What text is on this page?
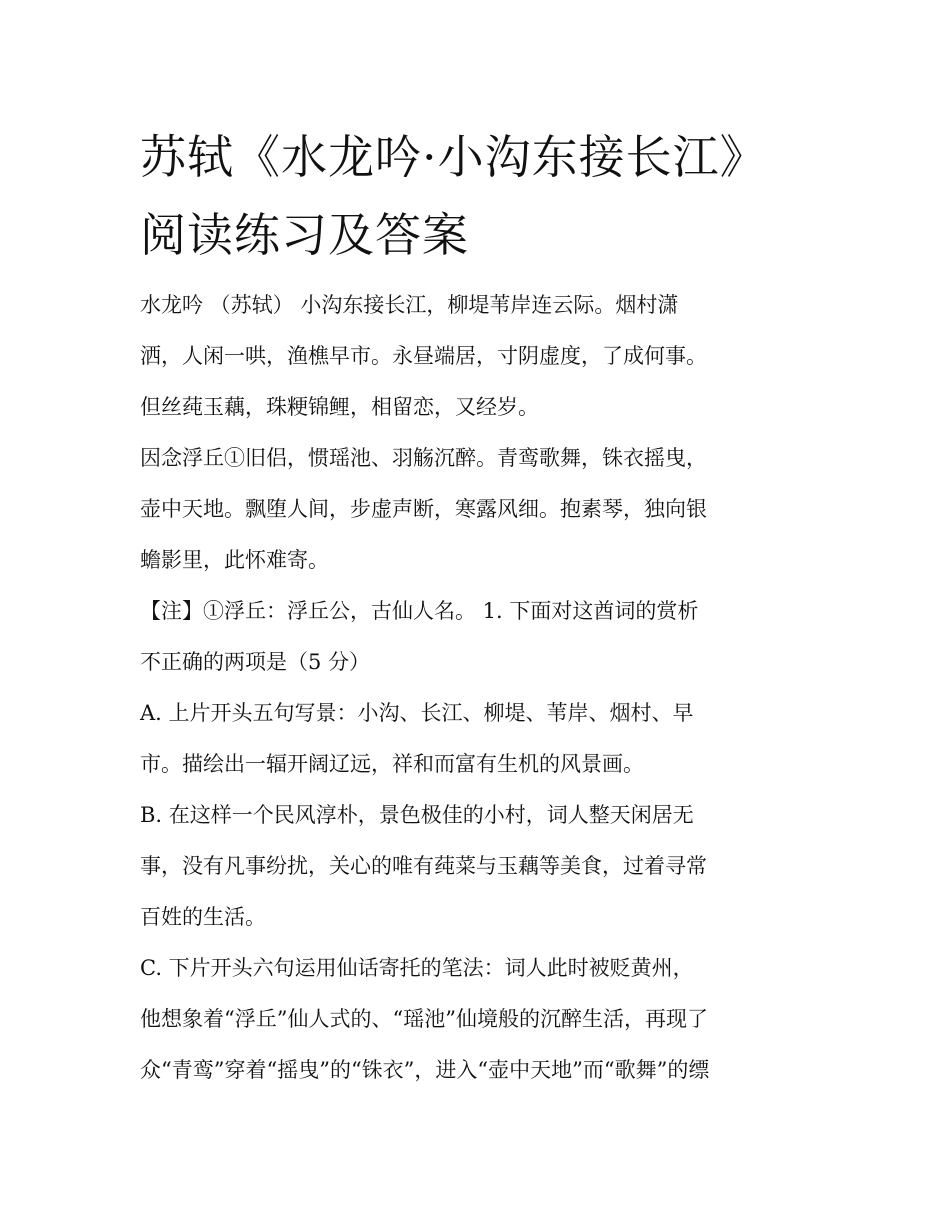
苏轼《水龙吟·小沟东接长江》
阅读练习及答案
水龙吟 （苏轼） 小沟东接长江，柳堤苇岸连云际。烟村潇
洒，人闲一哄，渔樵早市。永昼端居，寸阴虚度，了成何事。
但丝莼玉藕，珠粳锦鲤，相留恋，又经岁。
因念浮丘①旧侣，惯瑶池、羽觞沉醉。青鸾歌舞，铢衣摇曳，
壶中天地。飘堕人间，步虚声断，寒露风细。抱素琴，独向银
蟾影里，此怀难寄。
【注】①浮丘：浮丘公，古仙人名。 1. 下面对这酋词的赏析
不正确的两项是（5 分）
A. 上片开头五句写景：小沟、长江、柳堤、苇岸、烟村、早
市。描绘出一辐开阔辽远，祥和而富有生机的风景画。
B. 在这样一个民风淳朴，景色极佳的小村，词人整天闲居无
事，没有凡事纷扰，关心的唯有莼菜与玉藕等美食，过着寻常
百姓的生活。
C. 下片开头六句运用仙话寄托的笔法：词人此时被贬黄州，
他想象着“浮丘”仙人式的、“瑶池”仙境般的沉醉生活，再现了
众“青鸾”穿着“摇曳”的“铢衣”，进入“壶中天地”而“歌舞”的缥
